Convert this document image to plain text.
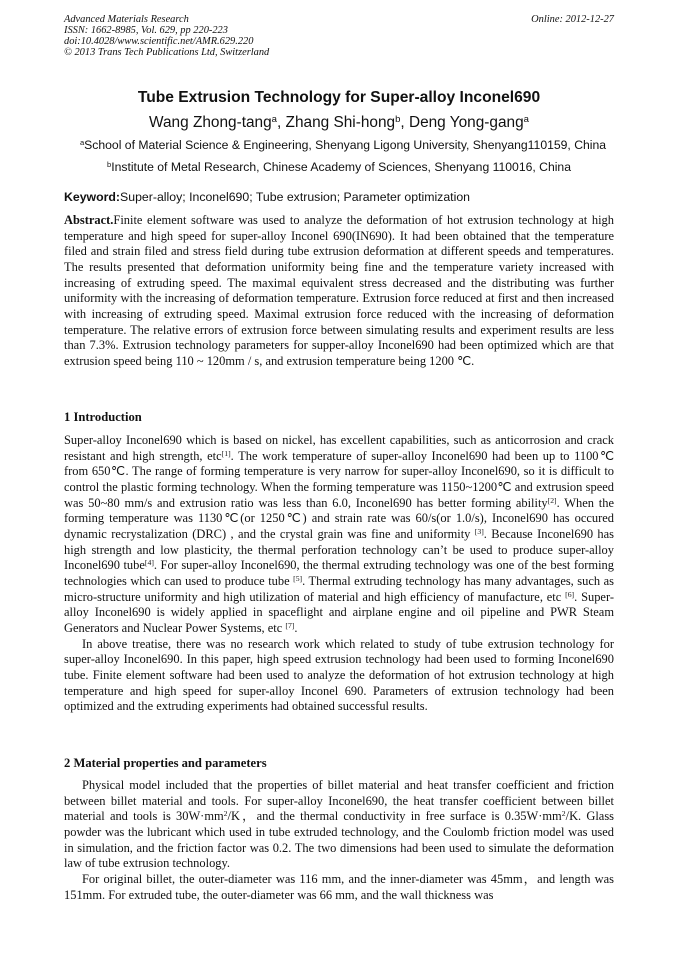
Advanced Materials Research
ISSN: 1662-8985, Vol. 629, pp 220-223
doi:10.4028/www.scientific.net/AMR.629.220
© 2013 Trans Tech Publications Ltd, Switzerland
Online: 2012-12-27
Tube Extrusion Technology for Super-alloy Inconel690
Wang Zhong-tang$^a$, Zhang Shi-hong$^b$, Deng Yong-gang$^a$
$^a$School of Material Science & Engineering, Shenyang Ligong University, Shenyang110159, China
$^b$Institute of Metal Research, Chinese Academy of Sciences, Shenyang 110016, China
Keyword:Super-alloy; Inconel690; Tube extrusion; Parameter optimization

Abstract.Finite element software was used to analyze the deformation of hot extrusion technology at high temperature and high speed for super-alloy Inconel 690(IN690). It had been obtained that the temperature filed and strain filed and stress field during tube extrusion deformation at different speeds and temperatures. The results presented that deformation uniformity being fine and the temperature variety increased with increasing of extruding speed. The maximal equivalent stress decreased and the distributing was further uniformity with the increasing of deformation temperature. Extrusion force reduced at first and then increased with increasing of extruding speed. Maximal extrusion force reduced with the increasing of deformation temperature. The relative errors of extrusion force between simulating results and experiment results are less than 7.3%. Extrusion technology parameters for supper-alloy Inconel690 had been optimized which are that extrusion speed being 110 ~ 120mm / s, and extrusion temperature being 1200 ℃.

1 Introduction

Super-alloy Inconel690 which is based on nickel, has excellent capabilities, such as anticorrosion and crack resistant and high strength, etc[1]. The work temperature of super-alloy Inconel690 had been up to 1100℃ from 650℃. The range of forming temperature is very narrow for super-alloy Inconel690, so it is difficult to control the plastic forming technology. When the forming temperature was 1150~1200℃ and extrusion speed was 50~80 mm/s and extrusion ratio was less than 6.0, Inconel690 has better forming ability[2]. When the forming temperature was 1130℃(or 1250℃) and strain rate was 60/s(or 1.0/s), Inconel690 has occured dynamic recrystalization (DRC) , and the crystal grain was fine and uniformity [3]. Because Inconel690 has high strength and low plasticity, the thermal perforation technology can’t be used to produce super-alloy Inconel690 tube[4]. For super-alloy Inconel690, the thermal extruding technology was one of the best forming technologies which can used to produce tube [5]. Thermal extruding technology has many advantages, such as micro-structure uniformity and high utilization of material and high efficiency of manufacture, etc [6]. Super-alloy Inconel690 is widely applied in spaceflight and airplane engine and oil pipeline and PWR Steam Generators and Nuclear Power Systems, etc [7].

In above treatise, there was no research work which related to study of tube extrusion technology for super-alloy Inconel690. In this paper, high speed extrusion technology had been used to forming Inconel690 tube. Finite element software had been used to analyze the deformation of hot extrusion technology at high temperature and high speed for super-alloy Inconel 690. Parameters of extrusion technology had been optimized and the extruding experiments had obtained successful results.

2 Material properties and parameters

Physical model included that the properties of billet material and heat transfer coefficient and friction between billet material and tools. For super-alloy Inconel690, the heat transfer coefficient between billet material and tools is $30W\cdot mm^2/K$，and the thermal conductivity in free surface is $0.35W\cdot mm^2/K$. Glass powder was the lubricant which used in tube extruded technology, and the Coulomb friction model was used in simulation, and the friction factor was 0.2. The two dimensions had been used to simulate the deformation law of tube extrusion technology.

For original billet, the outer-diameter was 116 mm, and the inner-diameter was 45mm，and length was 151mm. For extruded tube, the outer-diameter was 66 mm, and the wall thickness was
